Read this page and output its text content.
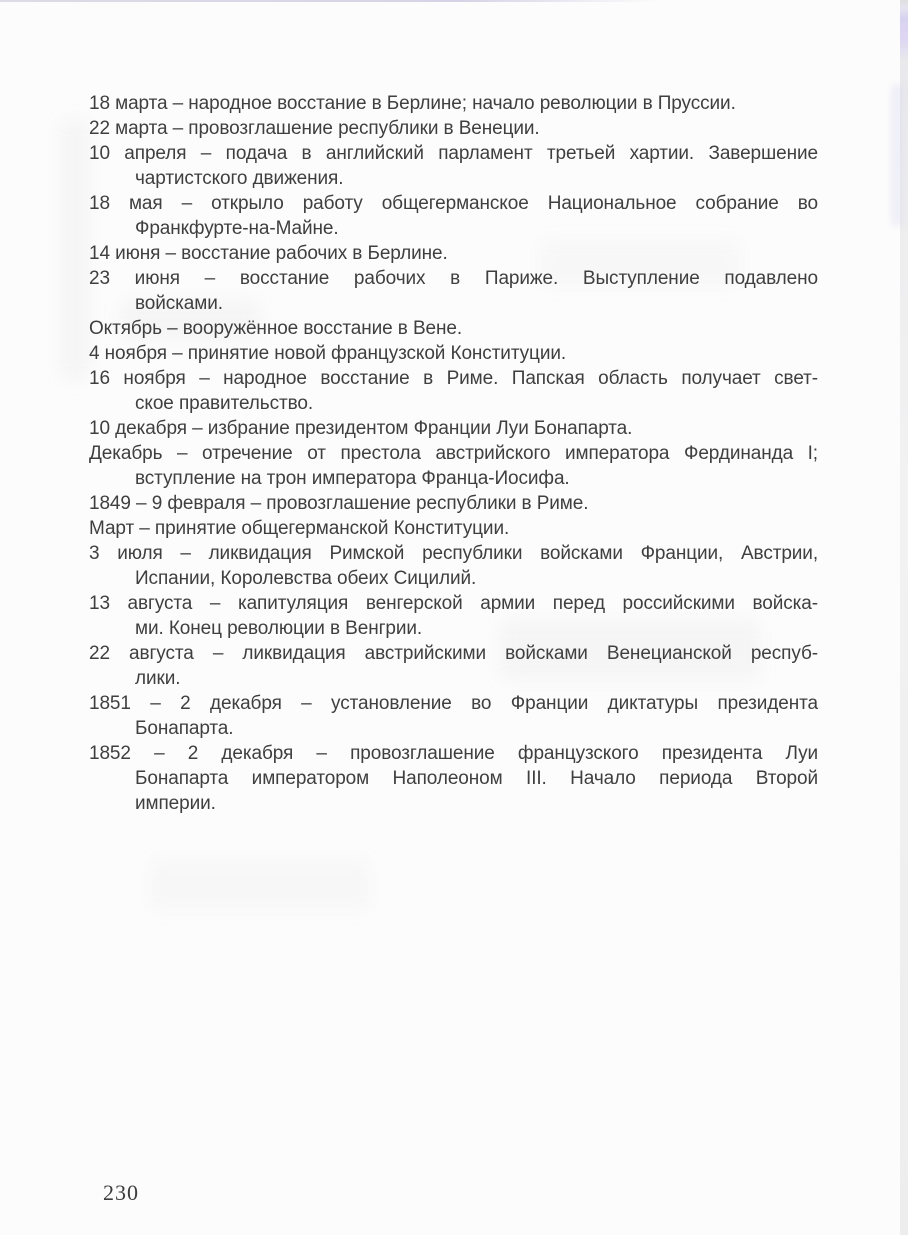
18 марта – народное восстание в Берлине; начало революции в Пруссии.
22 марта – провозглашение республики в Венеции.
10 апреля – подача в английский парламент третьей хартии. Завершение
чартистского движения.
18 мая – открыло работу общегерманское Национальное собрание во
Франкфурте-на-Майне.
14 июня – восстание рабочих в Берлине.
23 июня – восстание рабочих в Париже. Выступление подавлено
войсками.
Октябрь – вооружённое восстание в Вене.
4 ноября – принятие новой французской Конституции.
16 ноября – народное восстание в Риме. Папская область получает свет-
ское правительство.
10 декабря – избрание президентом Франции Луи Бонапарта.
Декабрь – отречение от престола австрийского императора Фердинанда I;
вступление на трон императора Франца-Иосифа.
1849 – 9 февраля – провозглашение республики в Риме.
Март – принятие общегерманской Конституции.
3 июля – ликвидация Римской республики войсками Франции, Австрии,
Испании, Королевства обеих Сицилий.
13 августа – капитуляция венгерской армии перед российскими войска-
ми. Конец революции в Венгрии.
22 августа – ликвидация австрийскими войсками Венецианской респуб-
лики.
1851 – 2 декабря – установление во Франции диктатуры президента
Бонапарта.
1852 – 2 декабря – провозглашение французского президента Луи
Бонапарта императором Наполеоном III. Начало периода Второй
империи.
230
